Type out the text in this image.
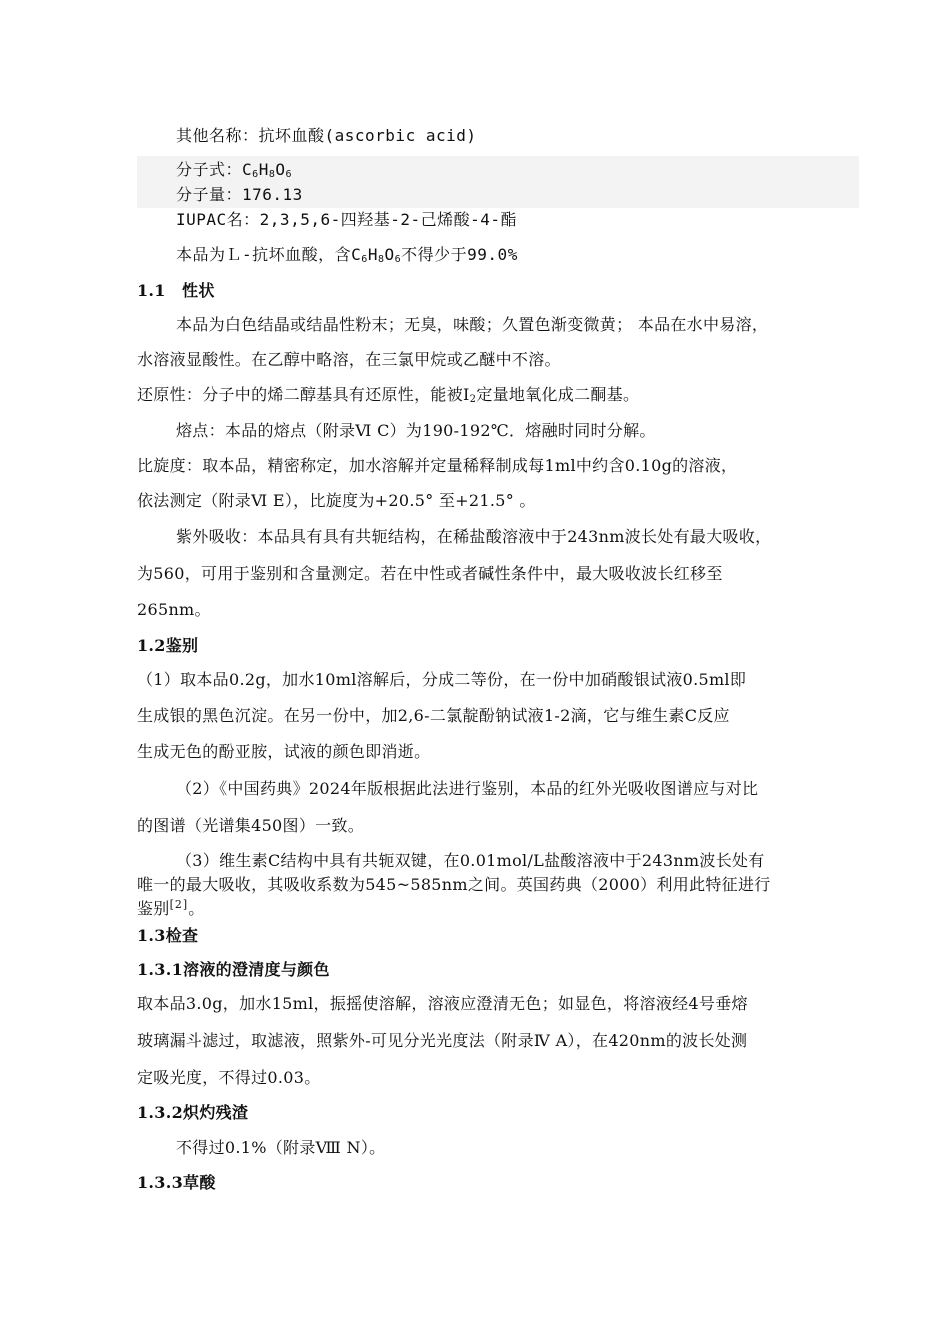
其他名称：抗坏血酸(ascorbic acid)
分子式：$C_6H_8O_6$
分子量：176.13
IUPAC名：2,3,5,6-四羟基-2-己烯酸-4-酯
本品为Ｌ-抗坏血酸，含$C_6H_8O_6$不得少于99.0%
1.1　性状
本品为白色结晶或结晶性粉末；无臭，味酸；久置色渐变微黄； 本品在水中易溶，
水溶液显酸性。在乙醇中略溶，在三氯甲烷或乙醚中不溶。
还原性：分子中的烯二醇基具有还原性，能被$I_2$定量地氧化成二酮基。
熔点：本品的熔点（附录Ⅵ C）为190-192℃．熔融时同时分解。
比旋度：取本品，精密称定，加水溶解并定量稀释制成每1ml中约含0.10g的溶液，
依法测定（附录Ⅵ E），比旋度为+20.5° 至+21.5° 。
紫外吸收：本品具有具有共轭结构，在稀盐酸溶液中于243nm波长处有最大吸收，
为560，可用于鉴别和含量测定。若在中性或者碱性条件中，最大吸收波长红移至
265nm。
1.2鉴别
（1）取本品0.2g，加水10ml溶解后，分成二等份，在一份中加硝酸银试液0.5ml即
生成银的黑色沉淀。在另一份中，加2,6-二氯靛酚钠试液1-2滴，它与维生素C反应
生成无色的酚亚胺，试液的颜色即消逝。
（2）《中国药典》2024年版根据此法进行鉴别，本品的红外光吸收图谱应与对比
的图谱（光谱集450图）一致。
（3）维生素C结构中具有共轭双键，在0.01mol/L盐酸溶液中于243nm波长处有
唯一的最大吸收，其吸收系数为545~585nm之间。英国药典（2000）利用此特征进行
鉴别[2]。
1.3检查
1.3.1溶液的澄清度与颜色
取本品3.0g，加水15ml，振摇使溶解，溶液应澄清无色；如显色，将溶液经4号垂熔
玻璃漏斗滤过，取滤液，照紫外-可见分光光度法（附录Ⅳ A），在420nm的波长处测
定吸光度，不得过0.03。
1.3.2炽灼残渣
不得过0.1%（附录Ⅷ N）。
1.3.3草酸
